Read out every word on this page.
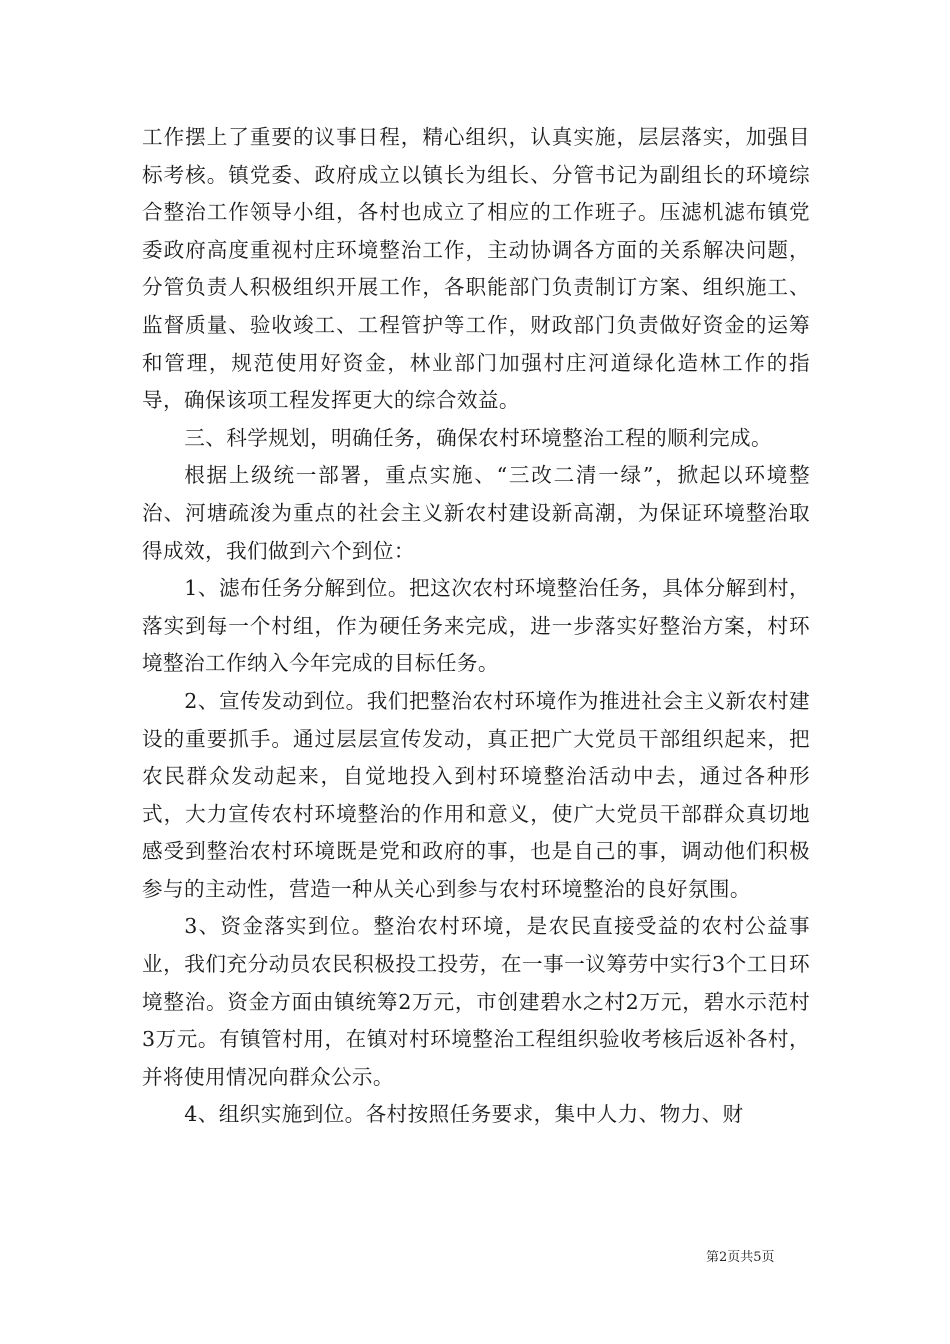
工作摆上了重要的议事日程，精心组织，认真实施，层层落实，加强目标考核。镇党委、政府成立以镇长为组长、分管书记为副组长的环境综合整治工作领导小组，各村也成立了相应的工作班子。压滤机滤布镇党委政府高度重视村庄环境整治工作，主动协调各方面的关系解决问题，分管负责人积极组织开展工作，各职能部门负责制订方案、组织施工、监督质量、验收竣工、工程管护等工作，财政部门负责做好资金的运筹和管理，规范使用好资金，林业部门加强村庄河道绿化造林工作的指导，确保该项工程发挥更大的综合效益。

三、科学规划，明确任务，确保农村环境整治工程的顺利完成。

根据上级统一部署，重点实施、“三改二清一绿”，掀起以环境整治、河塘疏浚为重点的社会主义新农村建设新高潮，为保证环境整治取得成效，我们做到六个到位：

1、滤布任务分解到位。把这次农村环境整治任务，具体分解到村，落实到每一个村组，作为硬任务来完成，进一步落实好整治方案，村环境整治工作纳入今年完成的目标任务。

2、宣传发动到位。我们把整治农村环境作为推进社会主义新农村建设的重要抓手。通过层层宣传发动，真正把广大党员干部组织起来，把农民群众发动起来，自觉地投入到村环境整治活动中去，通过各种形式，大力宣传农村环境整治的作用和意义，使广大党员干部群众真切地感受到整治农村环境既是党和政府的事，也是自己的事，调动他们积极参与的主动性，营造一种从关心到参与农村环境整治的良好氛围。

3、资金落实到位。整治农村环境，是农民直接受益的农村公益事业，我们充分动员农民积极投工投劳，在一事一议筹劳中实行3个工日环境整治。资金方面由镇统筹2万元，市创建碧水之村2万元，碧水示范村3万元。有镇管村用，在镇对村环境整治工程组织验收考核后返补各村，并将使用情况向群众公示。

4、组织实施到位。各村按照任务要求，集中人力、物力、财

第2页共5页
